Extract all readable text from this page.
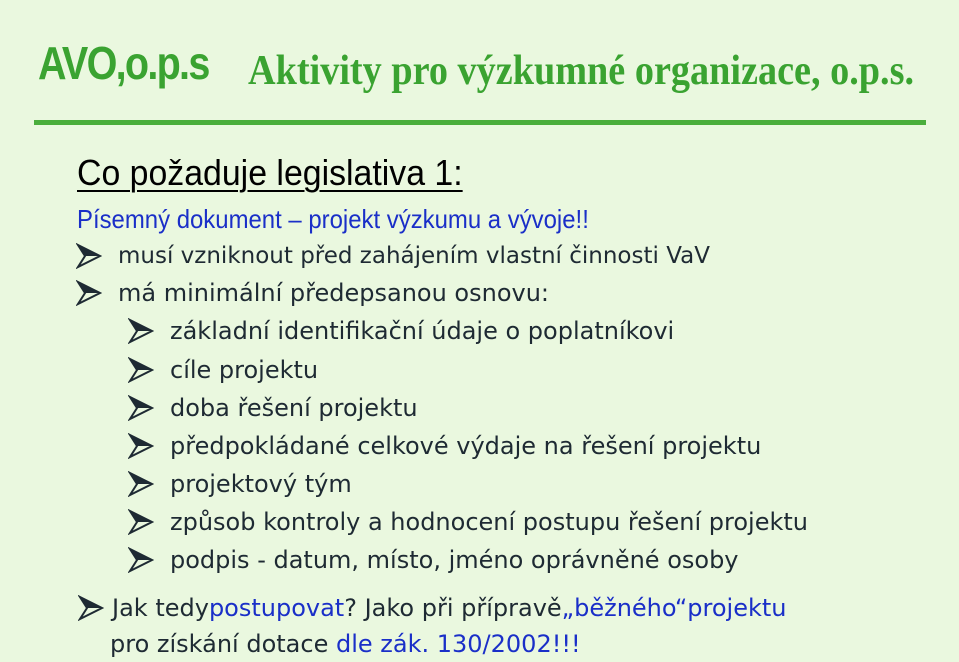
AVO,o.p.s Aktivity pro výzkumné organizace, o.p.s.
Co požaduje legislativa 1:
Písemný dokument – projekt výzkumu a vývoje!!
musí vzniknout před zahájením vlastní činnosti VaV
má minimální předepsanou osnovu:
základní identifikační údaje o poplatníkovi
cíle projektu
doba řešení projektu
předpokládané celkové výdaje na řešení projektu
projektový tým
způsob kontroly a hodnocení postupu řešení projektu
podpis - datum, místo, jméno oprávněné osoby
Jak tedy postupovat ? Jako při přípravě „běžného“ projektu
pro získání dotace dle zák. 130/2002!!!
